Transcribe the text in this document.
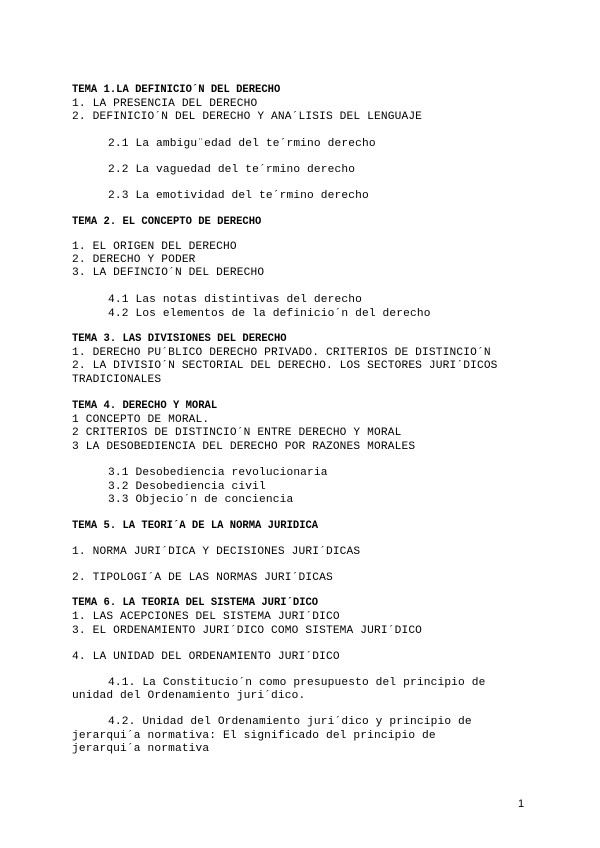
TEMA 1.LA DEFINICIO´N DEL DERECHO
1. LA PRESENCIA DEL DERECHO
2. DEFINICIO´N DEL DERECHO Y ANA´LISIS DEL LENGUAJE
2.1 La ambigu¨edad del te´rmino derecho
2.2 La vaguedad del te´rmino derecho
2.3 La emotividad del te´rmino derecho
TEMA 2. EL CONCEPTO DE DERECHO
1. EL ORIGEN DEL DERECHO
2. DERECHO Y PODER
3. LA DEFINCIO´N DEL DERECHO
4.1 Las notas distintivas del derecho
4.2 Los elementos de la definicio´n del derecho
TEMA 3. LAS DIVISIONES DEL DERECHO
1. DERECHO PU´BLICO DERECHO PRIVADO. CRITERIOS DE DISTINCIO´N
2. LA DIVISIO´N SECTORIAL DEL DERECHO. LOS SECTORES JURI´DICOS
TRADICIONALES
TEMA 4. DERECHO Y MORAL
1 CONCEPTO DE MORAL.
2 CRITERIOS DE DISTINCIO´N ENTRE DERECHO Y MORAL
3 LA DESOBEDIENCIA DEL DERECHO POR RAZONES MORALES
3.1 Desobediencia revolucionaria
3.2 Desobediencia civil
3.3 Objecio´n de conciencia
TEMA 5. LA TEORI´A DE LA NORMA JURIDICA
1. NORMA JURI´DICA Y DECISIONES JURI´DICAS
2. TIPOLOGI´A DE LAS NORMAS JURI´DICAS
TEMA 6. LA TEORIA DEL SISTEMA JURI´DICO
1. LAS ACEPCIONES DEL SISTEMA JURI´DICO
3. EL ORDENAMIENTO JURI´DICO COMO SISTEMA JURI´DICO
4. LA UNIDAD DEL ORDENAMIENTO JURI´DICO
4.1. La Constitucio´n como presupuesto del principio de
unidad del Ordenamiento juri´dico.
4.2. Unidad del Ordenamiento juri´dico y principio de
jerarqui´a normativa: El significado del principio de
jerarqui´a normativa
1
